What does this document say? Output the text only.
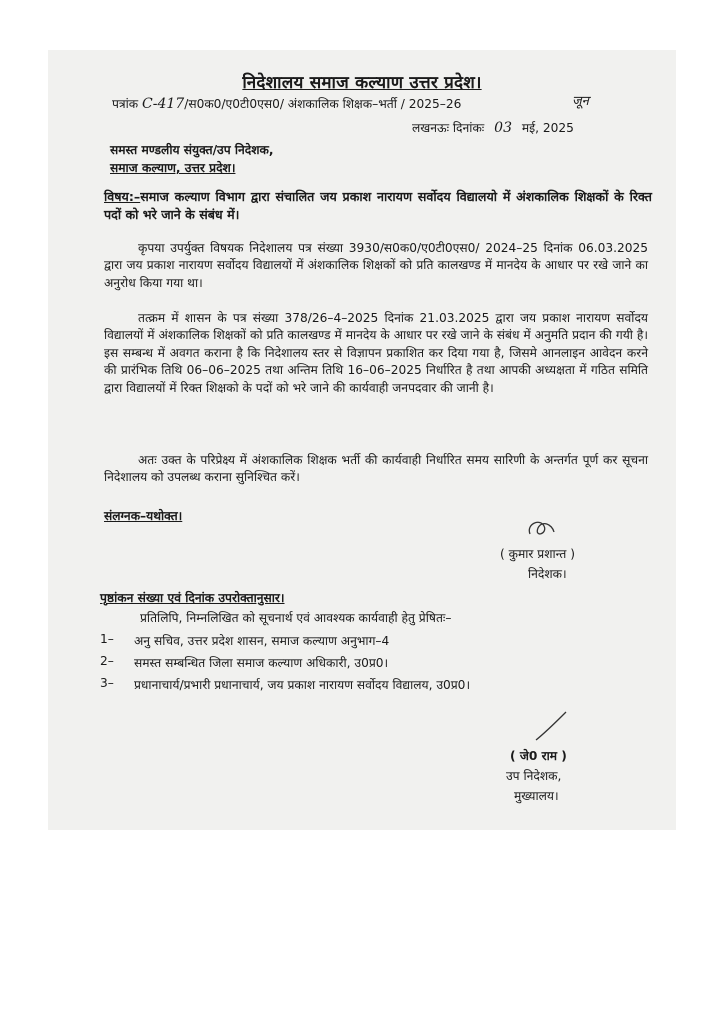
निदेशालय समाज कल्याण उत्तर प्रदेश।
पत्रांक C-417/स0क0/ए0टी0एस0/ अंशकालिक शिक्षक–भर्ती / 2025–26	जून
लखनऊः दिनांकः 03 मई, 2025
समस्त मण्डलीय संयुक्त/उप निदेशक,
समाज कल्याण, उत्तर प्रदेश।
विषय:–समाज कल्याण विभाग द्वारा संचालित जय प्रकाश नारायण सर्वोदय विद्यालयो में अंशकालिक शिक्षकों के रिक्त पदों को भरे जाने के संबंध में।

कृपया उपर्युक्त विषयक निदेशालय पत्र संख्या 3930/स0क0/ए0टी0एस0/ 2024–25 दिनांक 06.03.2025 द्वारा जय प्रकाश नारायण सर्वोदय विद्यालयों में अंशकालिक शिक्षकों को प्रति कालखण्ड में मानदेय के आधार पर रखे जाने का अनुरोध किया गया था।

तत्क्रम में शासन के पत्र संख्या 378/26–4–2025 दिनांक 21.03.2025 द्वारा जय प्रकाश नारायण सर्वोदय विद्यालयों में अंशकालिक शिक्षकों को प्रति कालखण्ड में मानदेय के आधार पर रखे जाने के संबंध में अनुमति प्रदान की गयी है। इस सम्बन्ध में अवगत कराना है कि निदेशालय स्तर से विज्ञापन प्रकाशित कर दिया गया है, जिसमे आनलाइन आवेदन करने की प्रारंभिक तिथि 06–06–2025 तथा अन्तिम तिथि 16–06–2025 निर्धारित है तथा आपकी अध्यक्षता में गठित समिति द्वारा विद्यालयों में रिक्त शिक्षको के पदों को भरे जाने की कार्यवाही जनपदवार की जानी है।

अतः उक्त के परिप्रेक्ष्य में अंशकालिक शिक्षक भर्ती की कार्यवाही निर्धारित समय सारिणी के अन्तर्गत पूर्ण कर सूचना निदेशालय को उपलब्ध कराना सुनिश्चित करें।

संलग्नक–यथोक्त।
( कुमार प्रशान्त )
निदेशक।
पृष्ठांकन संख्या एवं दिनांक उपरोक्तानुसार।
प्रतिलिपि, निम्नलिखित को सूचनार्थ एवं आवश्यक कार्यवाही हेतु प्रेषितः–
1– अनु सचिव, उत्तर प्रदेश शासन, समाज कल्याण अनुभाग–4
2– समस्त सम्बन्धित जिला समाज कल्याण अधिकारी, उ0प्र0।
3– प्रधानाचार्य/प्रभारी प्रधानाचार्य, जय प्रकाश नारायण सर्वोदय विद्यालय, उ0प्र0।
( जे0 राम )
उप निदेशक,
मुख्यालय।
